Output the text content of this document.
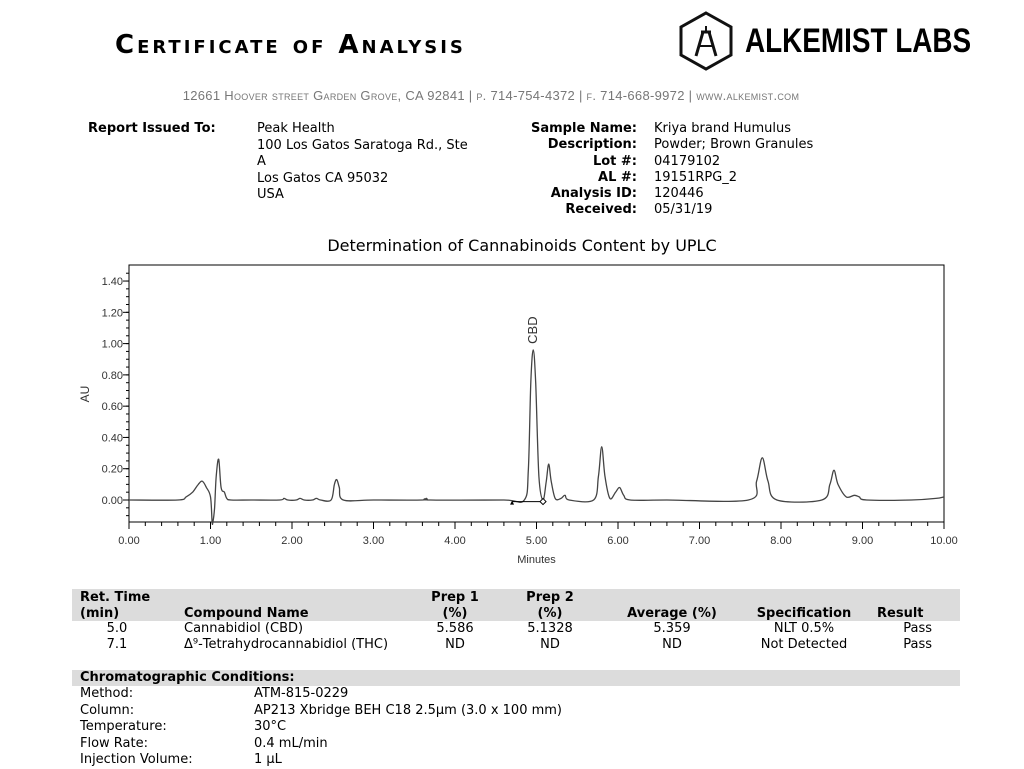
Certificate of Analysis	ALKEMIST LABS
12661 Hoover street Garden Grove, CA 92841 | p. 714-754-4372 | f. 714-668-9972 | www.alkemist.com
Report Issued To:	Peak Health
100 Los Gatos Saratoga Rd., Ste
A
Los Gatos CA 95032
USA
Sample Name:	Kriya brand Humulus
Description:	Powder; Brown Granules
Lot #:	04179102
AL #:	19151RPG_2
Analysis ID:	120446
Received:	05/31/19
Determination of Cannabinoids Content by UPLC
0.00
0.20
0.40
0.60
0.80
1.00
1.20
1.40
0.00	1.00	2.00	3.00	4.00	5.00	6.00	7.00	8.00	9.00	10.00
Minutes
AU
CBD
Ret. Time
(min)	Compound Name
Prep 1
(%)
Prep 2
(%)	Average (%)	Specification	Result
5.0	Cannabidiol (CBD)	5.586	5.1328	5.359	NLT 0.5%	Pass
7.1	Δ⁹-Tetrahydrocannabidiol (THC)	ND	ND	ND	Not Detected	Pass
Chromatographic Conditions:
Method:	ATM-815-0229
Column:	AP213 Xbridge BEH C18 2.5µm (3.0 x 100 mm)
Temperature:	30°C
Flow Rate:	0.4 mL/min
Injection Volume:	1 µL
